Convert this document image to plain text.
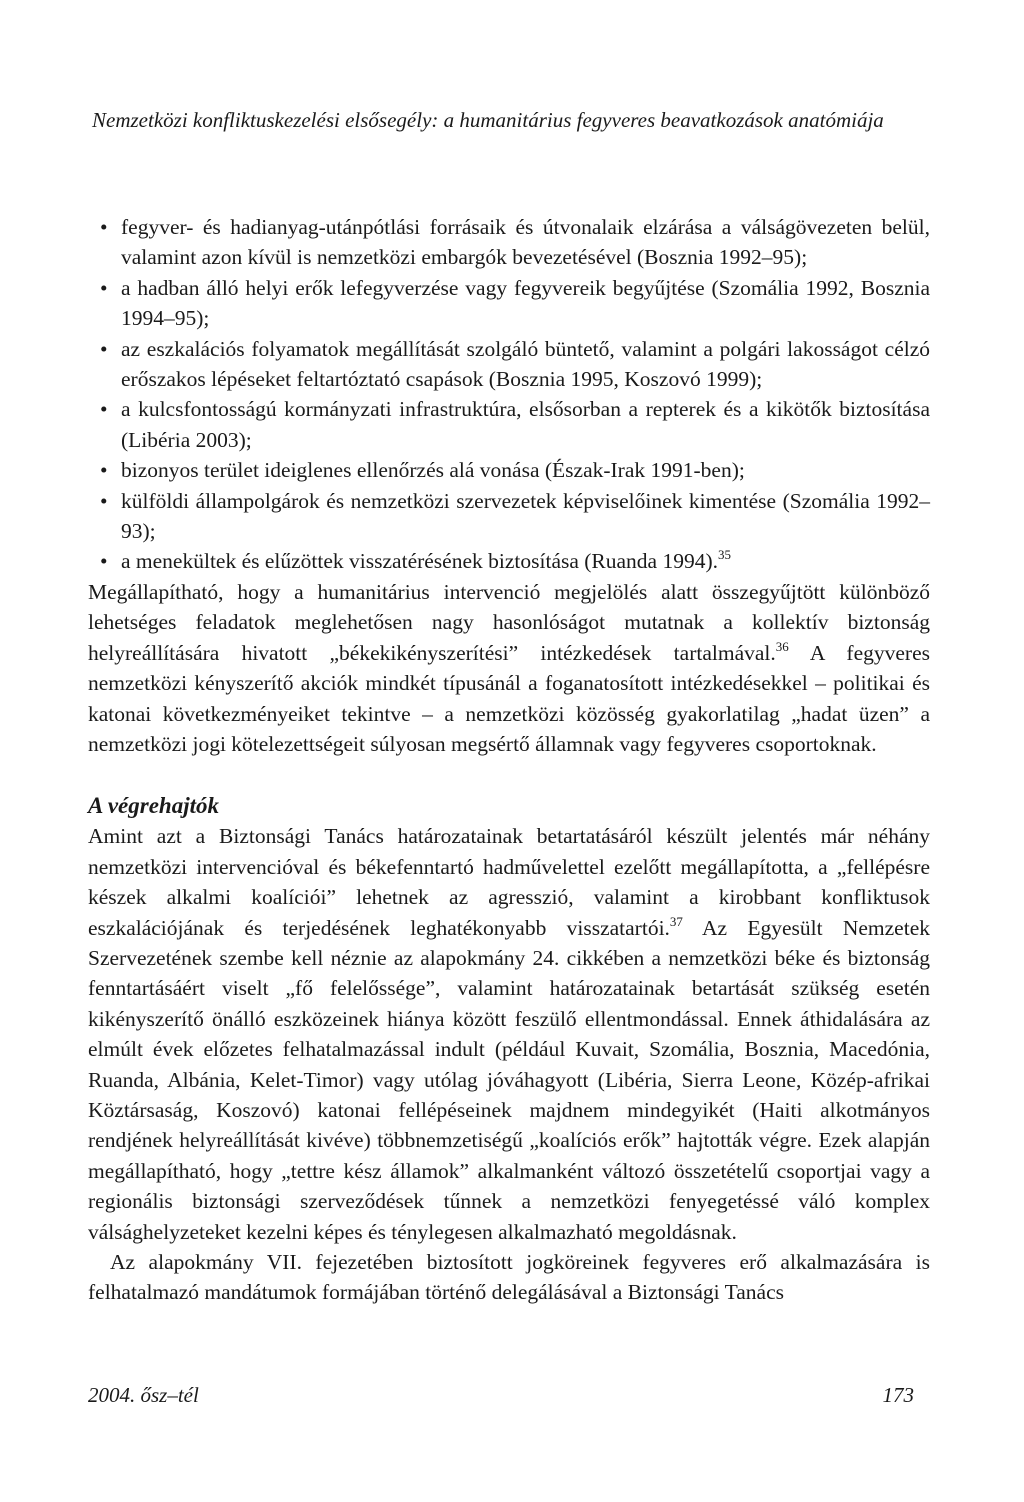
Nemzetközi konfliktuskezelési elsősegély: a humanitárius fegyveres beavatkozások anatómiája
• fegyver- és hadianyag-utánpótlási forrásaik és útvonalaik elzárása a válságövezeten belül, valamint azon kívül is nemzetközi embargók bevezetésével (Bosznia 1992–95);
• a hadban álló helyi erők lefegyverzése vagy fegyvereik begyűjtése (Szomália 1992, Bosznia 1994–95);
• az eszkalációs folyamatok megállítását szolgáló büntető, valamint a polgári lakosságot célzó erőszakos lépéseket feltartóztató csapások (Bosznia 1995, Koszovó 1999);
• a kulcsfontosságú kormányzati infrastruktúra, elsősorban a repterek és a kikötők biztosítása (Libéria 2003);
• bizonyos terület ideiglenes ellenőrzés alá vonása (Észak-Irak 1991-ben);
• külföldi állampolgárok és nemzetközi szervezetek képviselőinek kimentése (Szomália 1992–93);
• a menekültek és elűzöttek visszatérésének biztosítása (Ruanda 1994).$^{35}$

Megállapítható, hogy a humanitárius intervenció megjelölés alatt összegyűjtött különböző lehetséges feladatok meglehetősen nagy hasonlóságot mutatnak a kollektív biztonság helyreállítására hivatott „békekikényszerítési” intézkedések tartalmával.$^{36}$ A fegyveres nemzetközi kényszerítő akciók mindkét típusánál a foganatosított intézkedésekkel – politikai és katonai következményeiket tekintve – a nemzetközi közösség gyakorlatilag „hadat üzen” a nemzetközi jogi kötelezettségeit súlyosan megsértő államnak vagy fegyveres csoportoknak.

A végrehajtók

Amint azt a Biztonsági Tanács határozatainak betartatásáról készült jelentés már néhány nemzetközi intervencióval és békefenntartó hadművelettel ezelőtt megállapította, a „fellépésre készek alkalmi koalíciói” lehetnek az agresszió, valamint a kirobbant konfliktusok eszkalációjának és terjedésének leghatékonyabb visszatartói.$^{37}$ Az Egyesült Nemzetek Szervezetének szembe kell néznie az alapokmány 24. cikkében a nemzetközi béke és biztonság fenntartásáért viselt „fő felelőssége”, valamint határozatainak betartását szükség esetén kikényszerítő önálló eszközeinek hiánya között feszülő ellentmondással. Ennek áthidalására az elmúlt évek előzetes felhatalmazással indult (például Kuvait, Szomália, Bosznia, Macedónia, Ruanda, Albánia, Kelet-Timor) vagy utólag jóváhagyott (Libéria, Sierra Leone, Közép-afrikai Köztársaság, Koszovó) katonai fellépéseinek majdnem mindegyikét (Haiti alkotmányos rendjének helyreállítását kivéve) többnemzetiségű „koalíciós erők” hajtották végre. Ezek alapján megállapítható, hogy „tettre kész államok” alkalmanként változó összetételű csoportjai vagy a regionális biztonsági szerveződések tűnnek a nemzetközi fenyegetéssé váló komplex válsághelyzeteket kezelni képes és ténylegesen alkalmazható megoldásnak.

Az alapokmány VII. fejezetében biztosított jogköreinek fegyveres erő alkalmazására is felhatalmazó mandátumok formájában történő delegálásával a Biztonsági Tanács

2004. ősz–tél	173
